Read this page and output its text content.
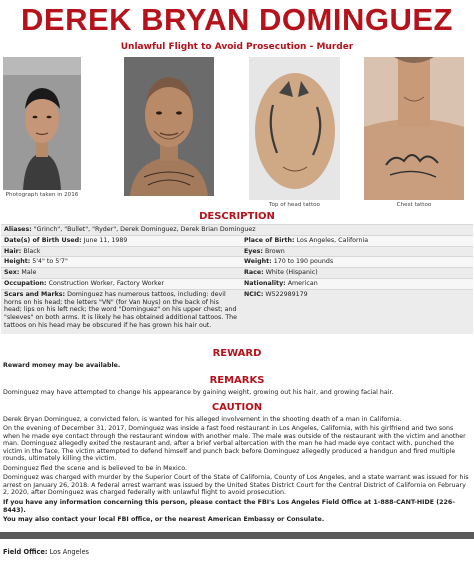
DEREK BRYAN DOMINGUEZ
Unlawful Flight to Avoid Prosecution - Murder
Photograph taken in 2016
Top of head tattoo	Chest tattoo
DESCRIPTION
Aliases: "Grinch", "Bullet", "Ryder", Derek Dominguez, Derek Brian Dominguez	
Date(s) of Birth Used: June 11, 1989	Place of Birth: Los Angeles, California
Hair: Black	Eyes: Brown
Height: 5'4" to 5'7"	Weight: 170 to 190 pounds
Sex: Male	Race: White (Hispanic)
Occupation: Construction Worker, Factory Worker	Nationality: American
Scars and Marks: Dominguez has numerous tattoos, including: devil horns on his head; the letters "VN" (for Van Nuys) on the back of his head; lips on his left neck; the word "Dominguez" on his upper chest; and "sleeves" on both arms. It is likely he has obtained additional tattoos. The tattoos on his head may be obscured if he has grown his hair out.	NCIC: W522989179
REWARD
Reward money may be available.
REMARKS
Dominguez may have attempted to change his appearance by gaining weight, growing out his hair, and growing facial hair.
CAUTION
Derek Bryan Dominguez, a convicted felon, is wanted for his alleged involvement in the shooting death of a man in California.
On the evening of December 31, 2017, Dominguez was inside a fast food restaurant in Los Angeles, California, with his girlfriend and two sons when he made eye contact through the restaurant window with another male. The male was outside of the restaurant with the victim and another man. Dominguez allegedly exited the restaurant and, after a brief verbal altercation with the man he had made eye contact with, punched the victim in the face. The victim attempted to defend himself and punch back before Dominguez allegedly produced a handgun and fired multiple rounds, ultimately killing the victim.
Dominguez fled the scene and is believed to be in Mexico.
Dominguez was charged with murder by the Superior Court of the State of California, County of Los Angeles, and a state warrant was issued for his arrest on January 26, 2018. A federal arrest warrant was issued by the United States District Court for the Central District of California on February 2, 2020, after Dominguez was charged federally with unlawful flight to avoid prosecution.
If you have any information concerning this person, please contact the FBI's Los Angeles Field Office at 1-888-CANT-HIDE (226-8443).
You may also contact your local FBI office, or the nearest American Embassy or Consulate.
Field Office: Los Angeles
